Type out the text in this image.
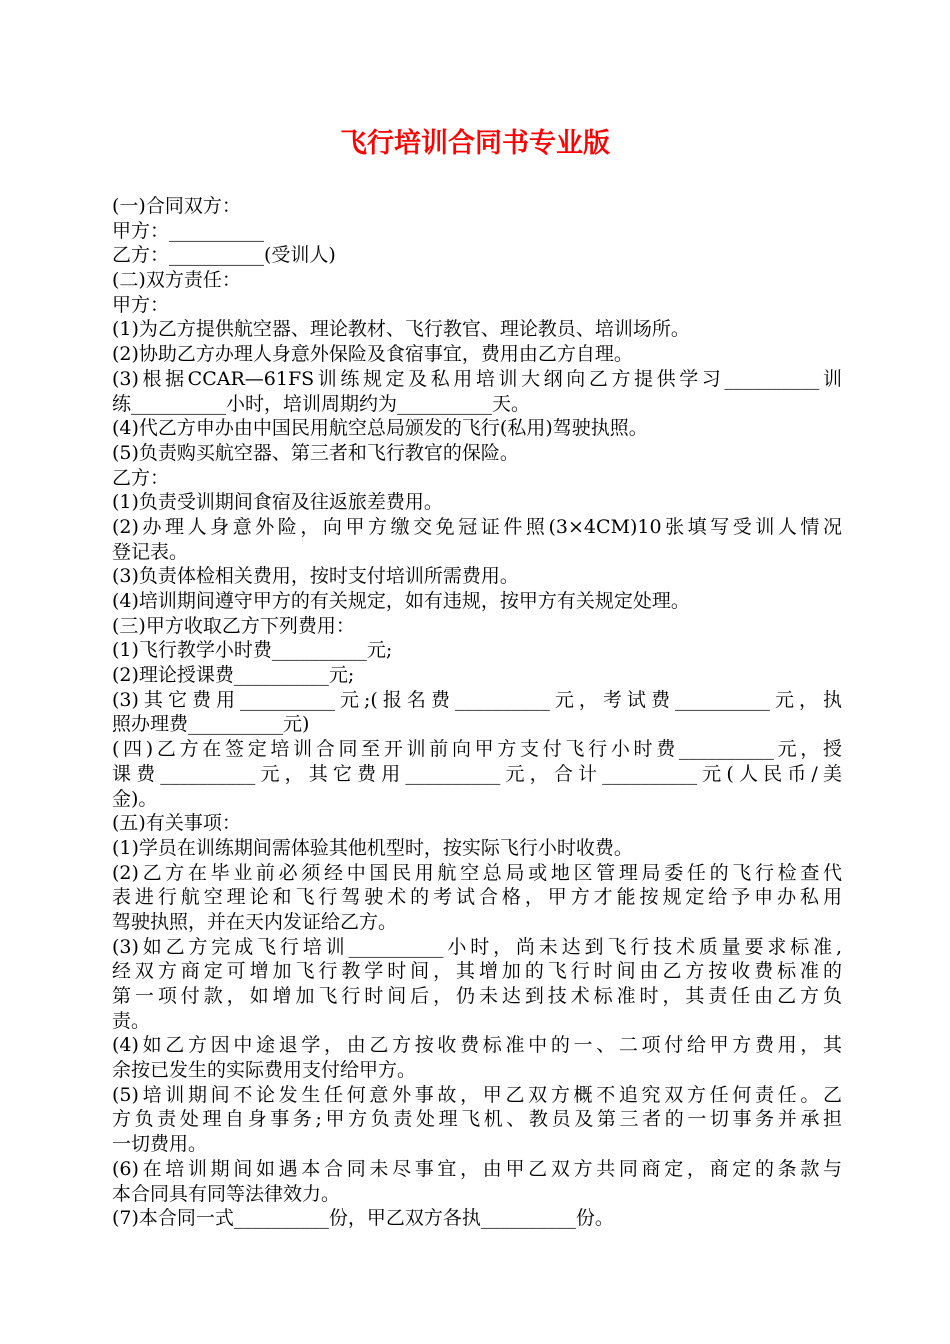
飞行培训合同书专业版
(一)合同双方：
甲方：__________
乙方：__________(受训人)
(二)双方责任：
甲方：
(1)为乙方提供航空器、理论教材、飞行教官、理论教员、培训场所。
(2)协助乙方办理人身意外保险及食宿事宜，费用由乙方自理。
(3)根据CCAR—61FS训练规定及私用培训大纲向乙方提供学习__________训
练__________小时，培训周期约为__________天。
(4)代乙方申办由中国民用航空总局颁发的飞行(私用)驾驶执照。
(5)负责购买航空器、第三者和飞行教官的保险。
乙方：
(1)负责受训期间食宿及往返旅差费用。
(2)办理人身意外险，向甲方缴交免冠证件照(3×4CM)10张填写受训人情况
登记表。
(3)负责体检相关费用，按时支付培训所需费用。
(4)培训期间遵守甲方的有关规定，如有违规，按甲方有关规定处理。
(三)甲方收取乙方下列费用：
(1)飞行教学小时费__________元;
(2)理论授课费__________元;
(3)其它费用__________元;(报名费__________元，考试费__________元，执
照办理费__________元)
(四)乙方在签定培训合同至开训前向甲方支付飞行小时费__________元，授
课费__________元，其它费用__________元，合计__________元(人民币/美
金)。
(五)有关事项：
(1)学员在训练期间需体验其他机型时，按实际飞行小时收费。
(2)乙方在毕业前必须经中国民用航空总局或地区管理局委任的飞行检查代
表进行航空理论和飞行驾驶术的考试合格，甲方才能按规定给予申办私用
驾驶执照，并在天内发证给乙方。
(3)如乙方完成飞行培训__________小时，尚未达到飞行技术质量要求标准,
经双方商定可增加飞行教学时间，其增加的飞行时间由乙方按收费标准的
第一项付款，如增加飞行时间后，仍未达到技术标准时，其责任由乙方负
责。
(4)如乙方因中途退学，由乙方按收费标准中的一、二项付给甲方费用，其
余按已发生的实际费用支付给甲方。
(5)培训期间不论发生任何意外事故，甲乙双方概不追究双方任何责任。乙
方负责处理自身事务;甲方负责处理飞机、教员及第三者的一切事务并承担
一切费用。
(6)在培训期间如遇本合同未尽事宜，由甲乙双方共同商定，商定的条款与
本合同具有同等法律效力。
(7)本合同一式__________份，甲乙双方各执__________份。
